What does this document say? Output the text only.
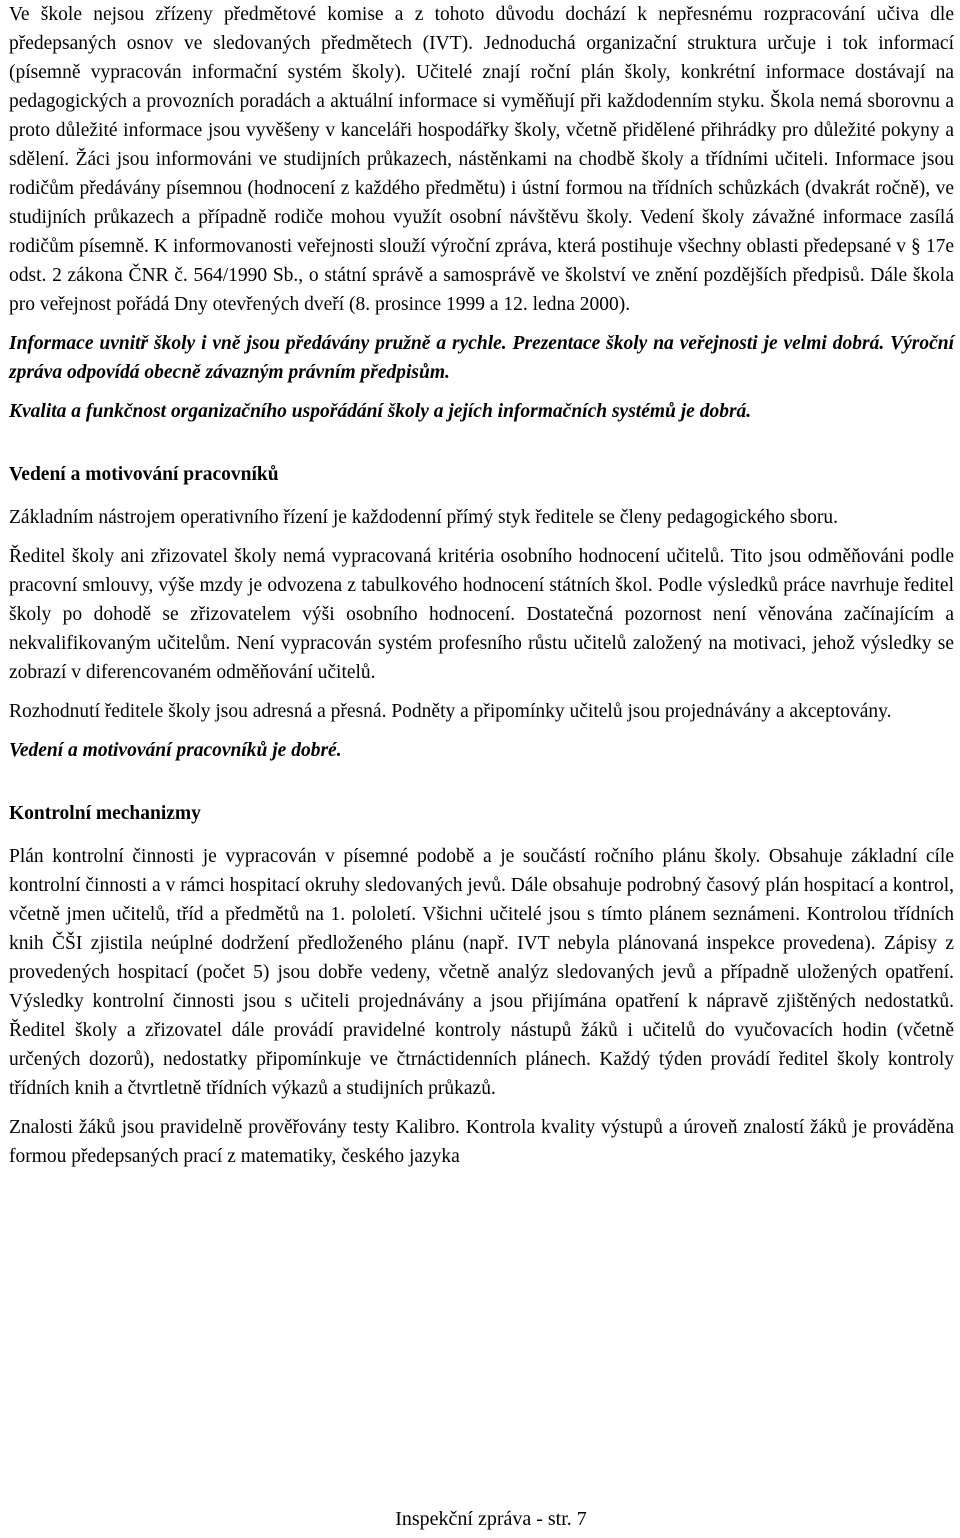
Ve škole nejsou zřízeny předmětové komise a z tohoto důvodu dochází k nepřesnému rozpracování učiva dle předepsaných osnov ve sledovaných předmětech (IVT). Jednoduchá organizační struktura určuje i tok informací (písemně vypracován informační systém školy). Učitelé znají roční plán školy, konkrétní informace dostávají na pedagogických a provozních poradách a aktuální informace si vyměňují při každodenním styku. Škola nemá sborovnu a proto důležité informace jsou vyvěšeny v kanceláři hospodářky školy, včetně přidělené přihrádky pro důležité pokyny a sdělení. Žáci jsou informováni ve studijních průkazech, nástěnkami na chodbě školy a třídními učiteli. Informace jsou rodičům předávány písemnou (hodnocení z každého předmětu) i ústní formou na třídních schůzkách (dvakrát ročně), ve studijních průkazech a případně rodiče mohou využít osobní návštěvu školy. Vedení školy závažné informace zasílá rodičům písemně. K informovanosti veřejnosti slouží výroční zpráva, která postihuje všechny oblasti předepsané v § 17e odst. 2 zákona ČNR č. 564/1990 Sb., o státní správě a samosprávě ve školství ve znění pozdějších předpisů. Dále škola pro veřejnost pořádá Dny otevřených dveří (8. prosince 1999 a 12. ledna 2000).

Informace uvnitř školy i vně jsou předávány pružně a rychle. Prezentace školy na veřejnosti je velmi dobrá. Výroční zpráva odpovídá obecně závazným právním předpisům.

Kvalita a funkčnost organizačního uspořádání školy a jejích informačních systémů je dobrá.

Vedení a motivování pracovníků

Základním nástrojem operativního řízení je každodenní přímý styk ředitele se členy pedagogického sboru.

Ředitel školy ani zřizovatel školy nemá vypracovaná kritéria osobního hodnocení učitelů. Tito jsou odměňováni podle pracovní smlouvy, výše mzdy je odvozena z tabulkového hodnocení státních škol. Podle výsledků práce navrhuje ředitel školy po dohodě se zřizovatelem výši osobního hodnocení. Dostatečná pozornost není věnována začínajícím a nekvalifikovaným učitelům. Není vypracován systém profesního růstu učitelů založený na motivaci, jehož výsledky se zobrazí v diferencovaném odměňování učitelů.

Rozhodnutí ředitele školy jsou adresná a přesná. Podněty a připomínky učitelů jsou projednávány a akceptovány.

Vedení a motivování pracovníků je dobré.

Kontrolní mechanizmy

Plán kontrolní činnosti je vypracován v písemné podobě a je součástí ročního plánu školy. Obsahuje základní cíle kontrolní činnosti a v rámci hospitací okruhy sledovaných jevů. Dále obsahuje podrobný časový plán hospitací a kontrol, včetně jmen učitelů, tříd a předmětů na 1. pololetí. Všichni učitelé jsou s tímto plánem seznámeni. Kontrolou třídních knih ČŠI zjistila neúplné dodržení předloženého plánu (např. IVT nebyla plánovaná inspekce provedena). Zápisy z provedených hospitací (počet 5) jsou dobře vedeny, včetně analýz sledovaných jevů a případně uložených opatření. Výsledky kontrolní činnosti jsou s učiteli projednávány a jsou přijímána opatření k nápravě zjištěných nedostatků. Ředitel školy a zřizovatel dále provádí pravidelné kontroly nástupů žáků i učitelů do vyučovacích hodin (včetně určených dozorů), nedostatky připomínkuje ve čtrnáctidenních plánech. Každý týden provádí ředitel školy kontroly třídních knih a čtvrtletně třídních výkazů a studijních průkazů.

Znalosti žáků jsou pravidelně prověřovány testy Kalibro. Kontrola kvality výstupů a úroveň znalostí žáků je prováděna formou předepsaných prací z matematiky, českého jazyka

Inspekční zpráva - str. 7
